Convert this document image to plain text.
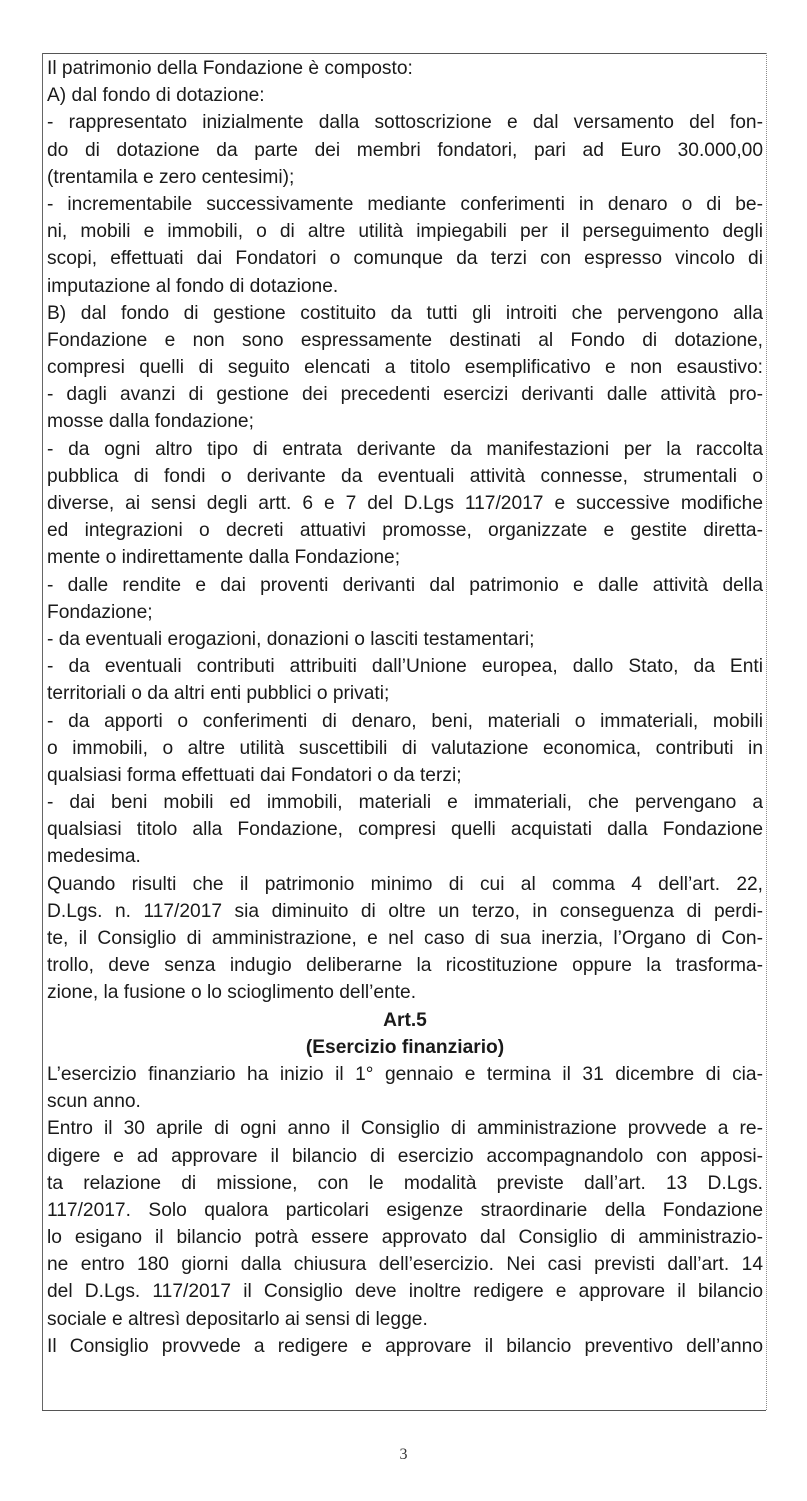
Il patrimonio della Fondazione è composto:
A) dal fondo di dotazione:
- rappresentato inizialmente dalla sottoscrizione e dal versamento del fon-
do di dotazione da parte dei membri fondatori, pari ad Euro 30.000,00
(trentamila e zero centesimi);
- incrementabile successivamente mediante conferimenti in denaro o di be-
ni, mobili e immobili, o di altre utilità impiegabili per il perseguimento degli
scopi, effettuati dai Fondatori o comunque da terzi con espresso vincolo di
imputazione al fondo di dotazione.
B) dal fondo di gestione costituito da tutti gli introiti che pervengono alla
Fondazione e non sono espressamente destinati al Fondo di dotazione,
compresi quelli di seguito elencati a titolo esemplificativo e non esaustivo:
- dagli avanzi di gestione dei precedenti esercizi derivanti dalle attività pro-
mosse dalla fondazione;
- da ogni altro tipo di entrata derivante da manifestazioni per la raccolta
pubblica di fondi o derivante da eventuali attività connesse, strumentali o
diverse, ai sensi degli artt. 6 e 7 del D.Lgs 117/2017 e successive modifiche
ed integrazioni o decreti attuativi promosse, organizzate e gestite diretta-
mente o indirettamente dalla Fondazione;
- dalle rendite e dai proventi derivanti dal patrimonio e dalle attività della
Fondazione;
- da eventuali erogazioni, donazioni o lasciti testamentari;
- da eventuali contributi attribuiti dall’Unione europea, dallo Stato, da Enti
territoriali o da altri enti pubblici o privati;
- da apporti o conferimenti di denaro, beni, materiali o immateriali, mobili
o immobili, o altre utilità suscettibili di valutazione economica, contributi in
qualsiasi forma effettuati dai Fondatori o da terzi;
- dai beni mobili ed immobili, materiali e immateriali, che pervengano a
qualsiasi titolo alla Fondazione, compresi quelli acquistati dalla Fondazione
medesima.
Quando risulti che il patrimonio minimo di cui al comma 4 dell’art. 22,
D.Lgs. n. 117/2017 sia diminuito di oltre un terzo, in conseguenza di perdi-
te, il Consiglio di amministrazione, e nel caso di sua inerzia, l’Organo di Con-
trollo, deve senza indugio deliberarne la ricostituzione oppure la trasforma-
zione, la fusione o lo scioglimento dell’ente.
Art.5
(Esercizio finanziario)
L’esercizio finanziario ha inizio il 1° gennaio e termina il 31 dicembre di cia-
scun anno.
Entro il 30 aprile di ogni anno il Consiglio di amministrazione provvede a re-
digere e ad approvare il bilancio di esercizio accompagnandolo con apposi-
ta relazione di missione, con le modalità previste dall’art. 13 D.Lgs.
117/2017. Solo qualora particolari esigenze straordinarie della Fondazione
lo esigano il bilancio potrà essere approvato dal Consiglio di amministrazio-
ne entro 180 giorni dalla chiusura dell’esercizio. Nei casi previsti dall’art. 14
del D.Lgs. 117/2017 il Consiglio deve inoltre redigere e approvare il bilancio
sociale e altresì depositarlo ai sensi di legge.
Il Consiglio provvede a redigere e approvare il bilancio preventivo dell’anno
3
